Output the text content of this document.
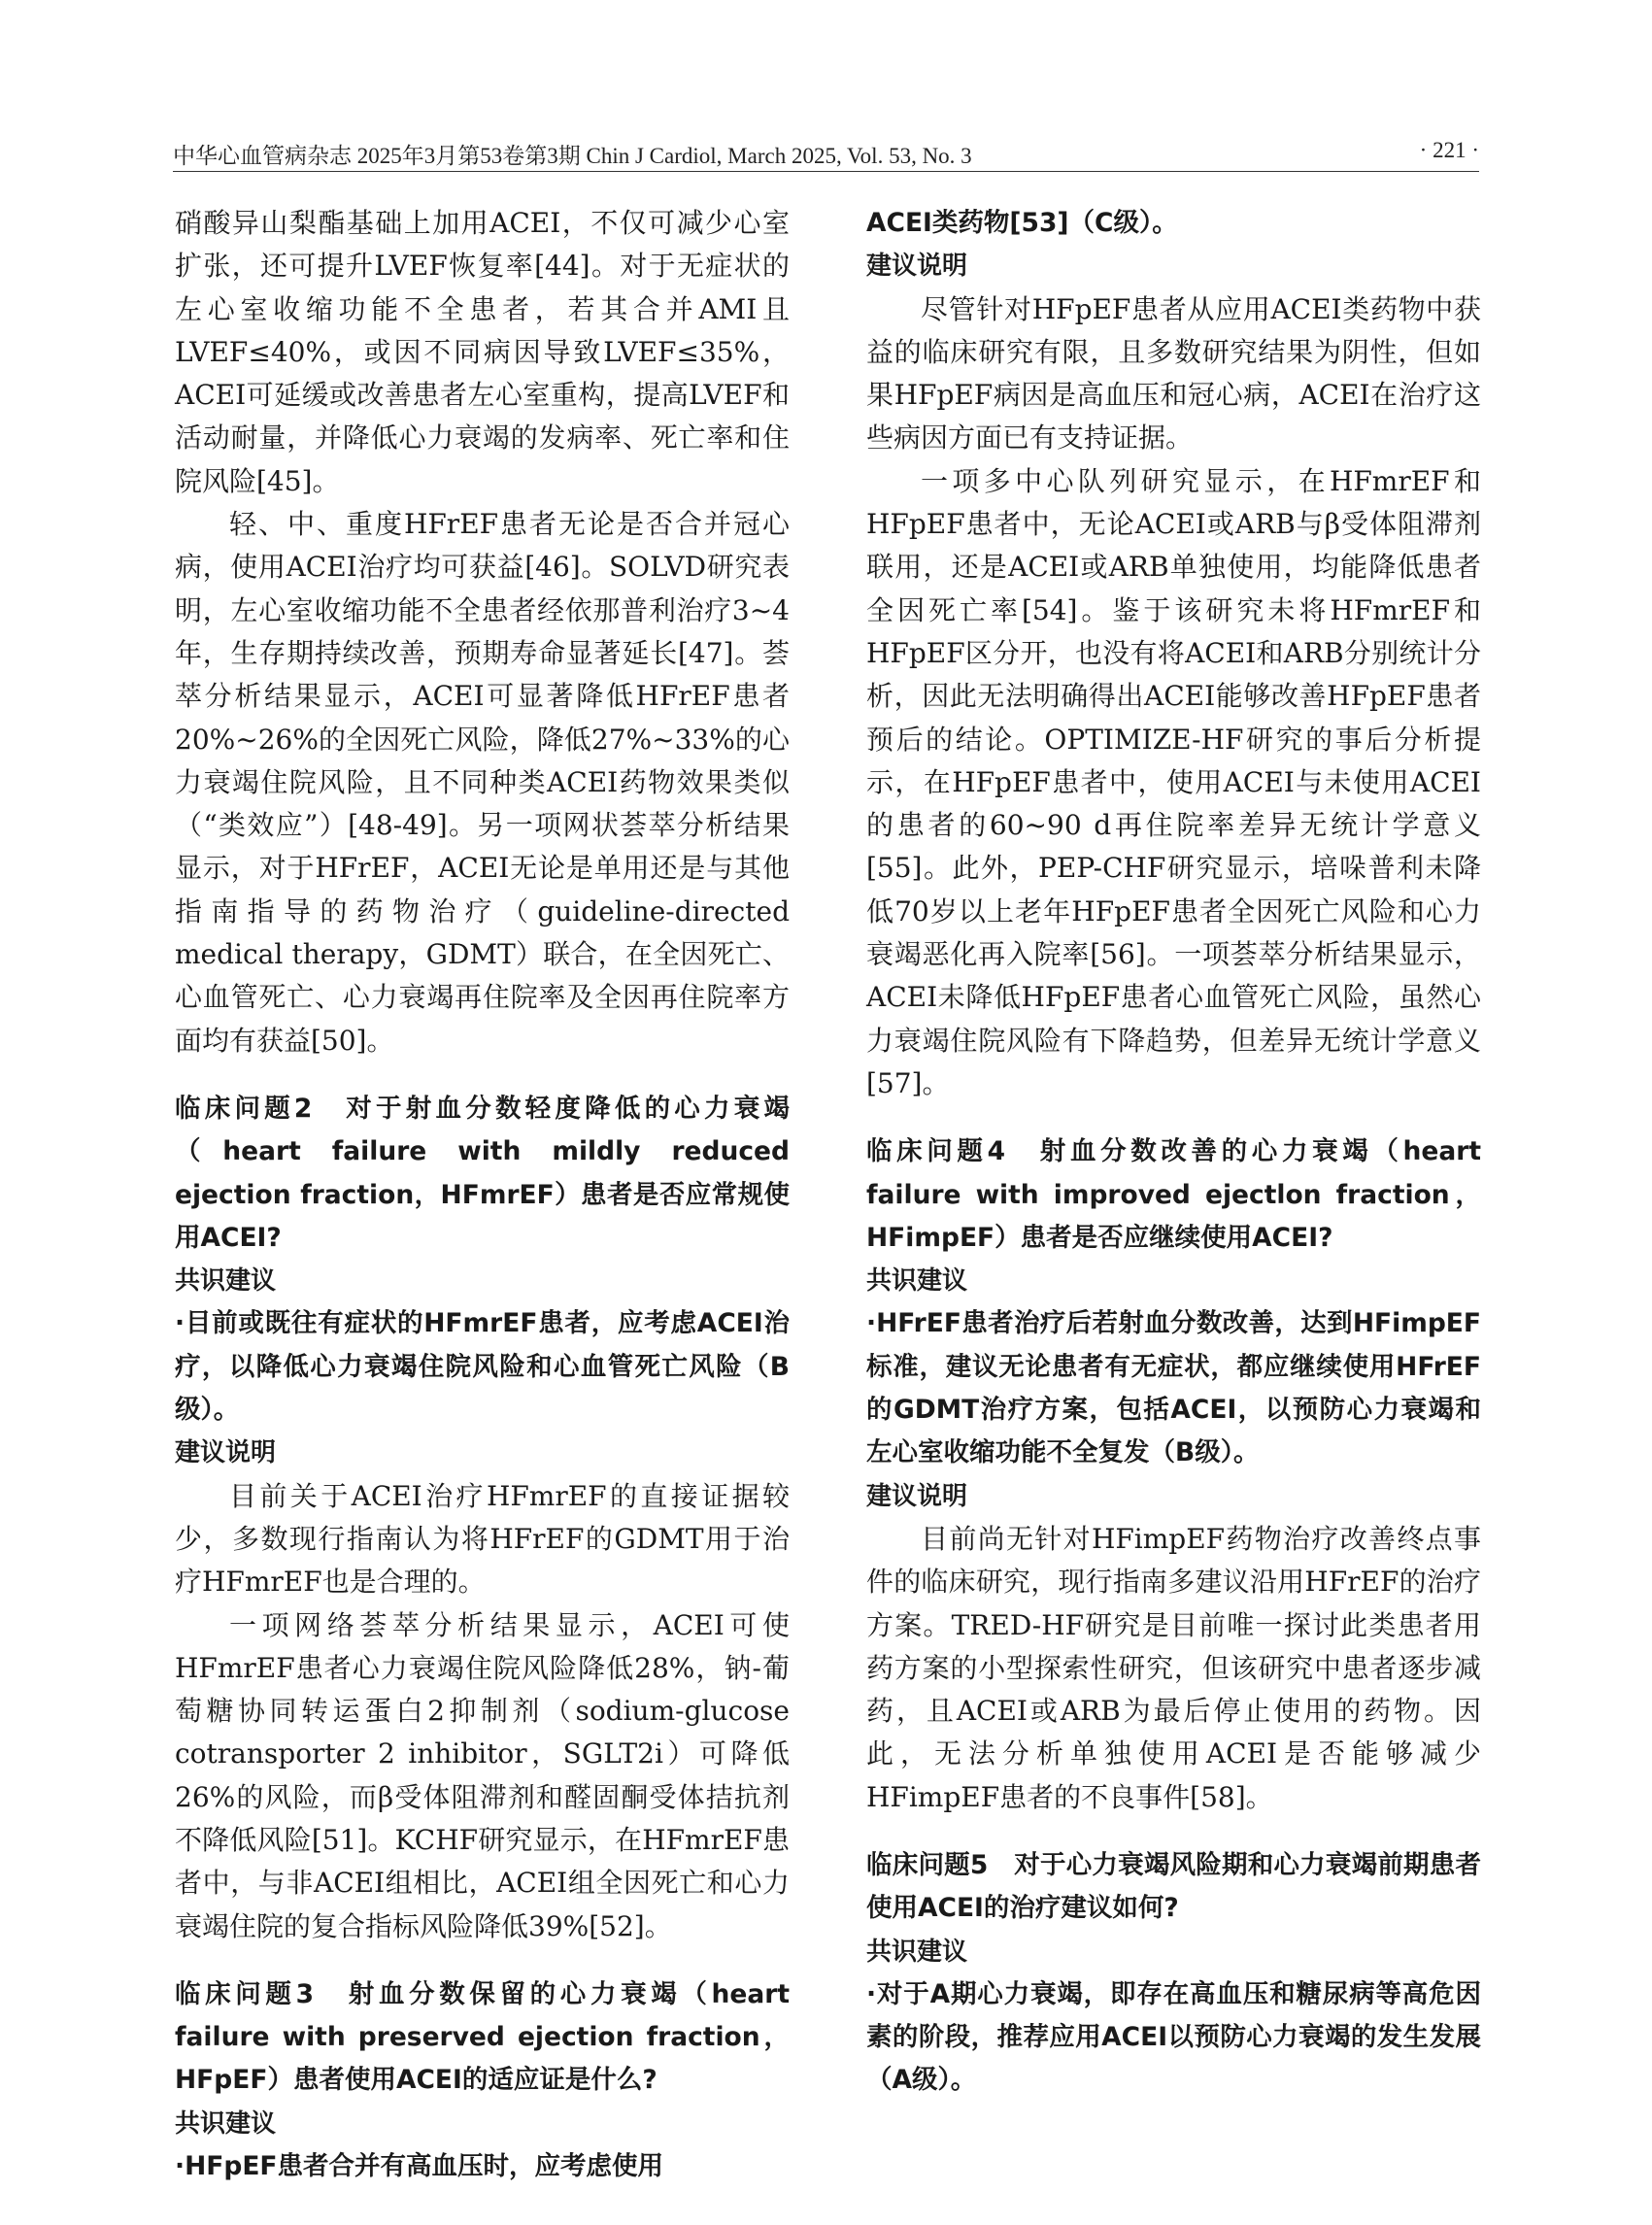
中华心血管病杂志 2025年3月第53卷第3期 Chin J Cardiol, March 2025, Vol. 53, No. 3	· 221 ·

硝酸异山梨酯基础上加用ACEI，不仅可减少心室扩张，还可提升LVEF恢复率[44]。对于无症状的左心室收缩功能不全患者，若其合并AMI且LVEF≤40%，或因不同病因导致LVEF≤35%，ACEI可延缓或改善患者左心室重构，提高LVEF和活动耐量，并降低心力衰竭的发病率、死亡率和住院风险[45]。

轻、中、重度HFrEF患者无论是否合并冠心病，使用ACEI治疗均可获益[46]。SOLVD研究表明，左心室收缩功能不全患者经依那普利治疗3~4年，生存期持续改善，预期寿命显著延长[47]。荟萃分析结果显示，ACEI可显著降低HFrEF患者20%~26%的全因死亡风险，降低27%~33%的心力衰竭住院风险，且不同种类ACEI药物效果类似（“类效应”）[48-49]。另一项网状荟萃分析结果显示，对于HFrEF，ACEI无论是单用还是与其他指南指导的药物治疗（guideline-directed medical therapy，GDMT）联合，在全因死亡、心血管死亡、心力衰竭再住院率及全因再住院率方面均有获益[50]。

临床问题2　对于射血分数轻度降低的心力衰竭（heart failure with mildly reduced ejection fraction，HFmrEF）患者是否应常规使用ACEI?

共识建议

·目前或既往有症状的HFmrEF患者，应考虑ACEI治疗，以降低心力衰竭住院风险和心血管死亡风险（B级）。

建议说明

目前关于ACEI治疗HFmrEF的直接证据较少，多数现行指南认为将HFrEF的GDMT用于治疗HFmrEF也是合理的。

一项网络荟萃分析结果显示，ACEI可使HFmrEF患者心力衰竭住院风险降低28%，钠-葡萄糖协同转运蛋白2抑制剂（sodium-glucose cotransporter 2 inhibitor，SGLT2i）可降低26%的风险，而β受体阻滞剂和醛固酮受体拮抗剂不降低风险[51]。KCHF研究显示，在HFmrEF患者中，与非ACEI组相比，ACEI组全因死亡和心力衰竭住院的复合指标风险降低39%[52]。

临床问题3　射血分数保留的心力衰竭（heart failure with preserved ejection fraction，HFpEF）患者使用ACEI的适应证是什么?

共识建议

·HFpEF患者合并有高血压时，应考虑使用

ACEI类药物[53]（C级）。

建议说明

尽管针对HFpEF患者从应用ACEI类药物中获益的临床研究有限，且多数研究结果为阴性，但如果HFpEF病因是高血压和冠心病，ACEI在治疗这些病因方面已有支持证据。

一项多中心队列研究显示，在HFmrEF和HFpEF患者中，无论ACEI或ARB与β受体阻滞剂联用，还是ACEI或ARB单独使用，均能降低患者全因死亡率[54]。鉴于该研究未将HFmrEF和HFpEF区分开，也没有将ACEI和ARB分别统计分析，因此无法明确得出ACEI能够改善HFpEF患者预后的结论。OPTIMIZE-HF研究的事后分析提示，在HFpEF患者中，使用ACEI与未使用ACEI的患者的60~90 d再住院率差异无统计学意义[55]。此外，PEP-CHF研究显示，培哚普利未降低70岁以上老年HFpEF患者全因死亡风险和心力衰竭恶化再入院率[56]。一项荟萃分析结果显示，ACEI未降低HFpEF患者心血管死亡风险，虽然心力衰竭住院风险有下降趋势，但差异无统计学意义[57]。

临床问题4　射血分数改善的心力衰竭（heart failure with improved ejectlon fraction，HFimpEF）患者是否应继续使用ACEI?

共识建议

·HFrEF患者治疗后若射血分数改善，达到HFimpEF标准，建议无论患者有无症状，都应继续使用HFrEF的GDMT治疗方案，包括ACEI，以预防心力衰竭和左心室收缩功能不全复发（B级）。

建议说明

目前尚无针对HFimpEF药物治疗改善终点事件的临床研究，现行指南多建议沿用HFrEF的治疗方案。TRED-HF研究是目前唯一探讨此类患者用药方案的小型探索性研究，但该研究中患者逐步减药，且ACEI或ARB为最后停止使用的药物。因此，无法分析单独使用ACEI是否能够减少HFimpEF患者的不良事件[58]。

临床问题5　对于心力衰竭风险期和心力衰竭前期患者使用ACEI的治疗建议如何?

共识建议

·对于A期心力衰竭，即存在高血压和糖尿病等高危因素的阶段，推荐应用ACEI以预防心力衰竭的发生发展（A级）。
